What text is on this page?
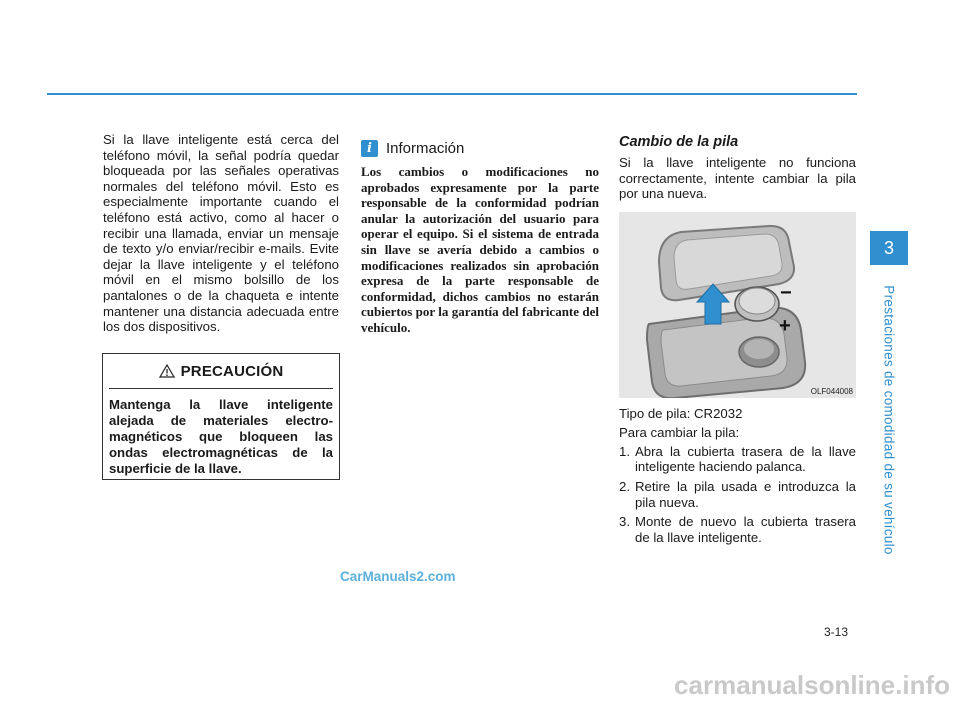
Si la llave inteligente está cerca del teléfono móvil, la señal podría quedar bloqueada por las señales operativas normales del teléfono móvil. Esto es especialmente importante cuando el teléfono está activo, como al hacer o recibir una llamada, enviar un mensaje de texto y/o enviar/recibir e-mails. Evite dejar la llave inteligente y el teléfono móvil en el mismo bolsillo de los pantalones o de la chaqueta e intente mantener una distancia adecuada entre los dos dispositivos.

PRECAUCIÓN

Mantenga la llave inteligente alejada de materiales electro-magnéticos que bloqueen las ondas electromagnéticas de la superficie de la llave.

i Información

Los cambios o modificaciones no aprobados expresamente por la parte responsable de la conformidad podrían anular la autorización del usuario para operar el equipo. Si el sistema de entrada sin llave se avería debido a cambios o modificaciones realizados sin aprobación expresa de la parte responsable de conformidad, dichos cambios no estarán cubiertos por la garantía del fabricante del vehículo.

Cambio de la pila

Si la llave inteligente no funciona correctamente, intente cambiar la pila por una nueva.

−
+
OLF044008
Tipo de pila: CR2032
Para cambiar la pila:
1. Abra la cubierta trasera de la llave inteligente haciendo palanca.
2. Retire la pila usada e introduzca la pila nueva.
3. Monte de nuevo la cubierta trasera de la llave inteligente.
3
Prestaciones de comodidad de su vehículo
3-13
CarManuals2.com
carmanualsonline.info
